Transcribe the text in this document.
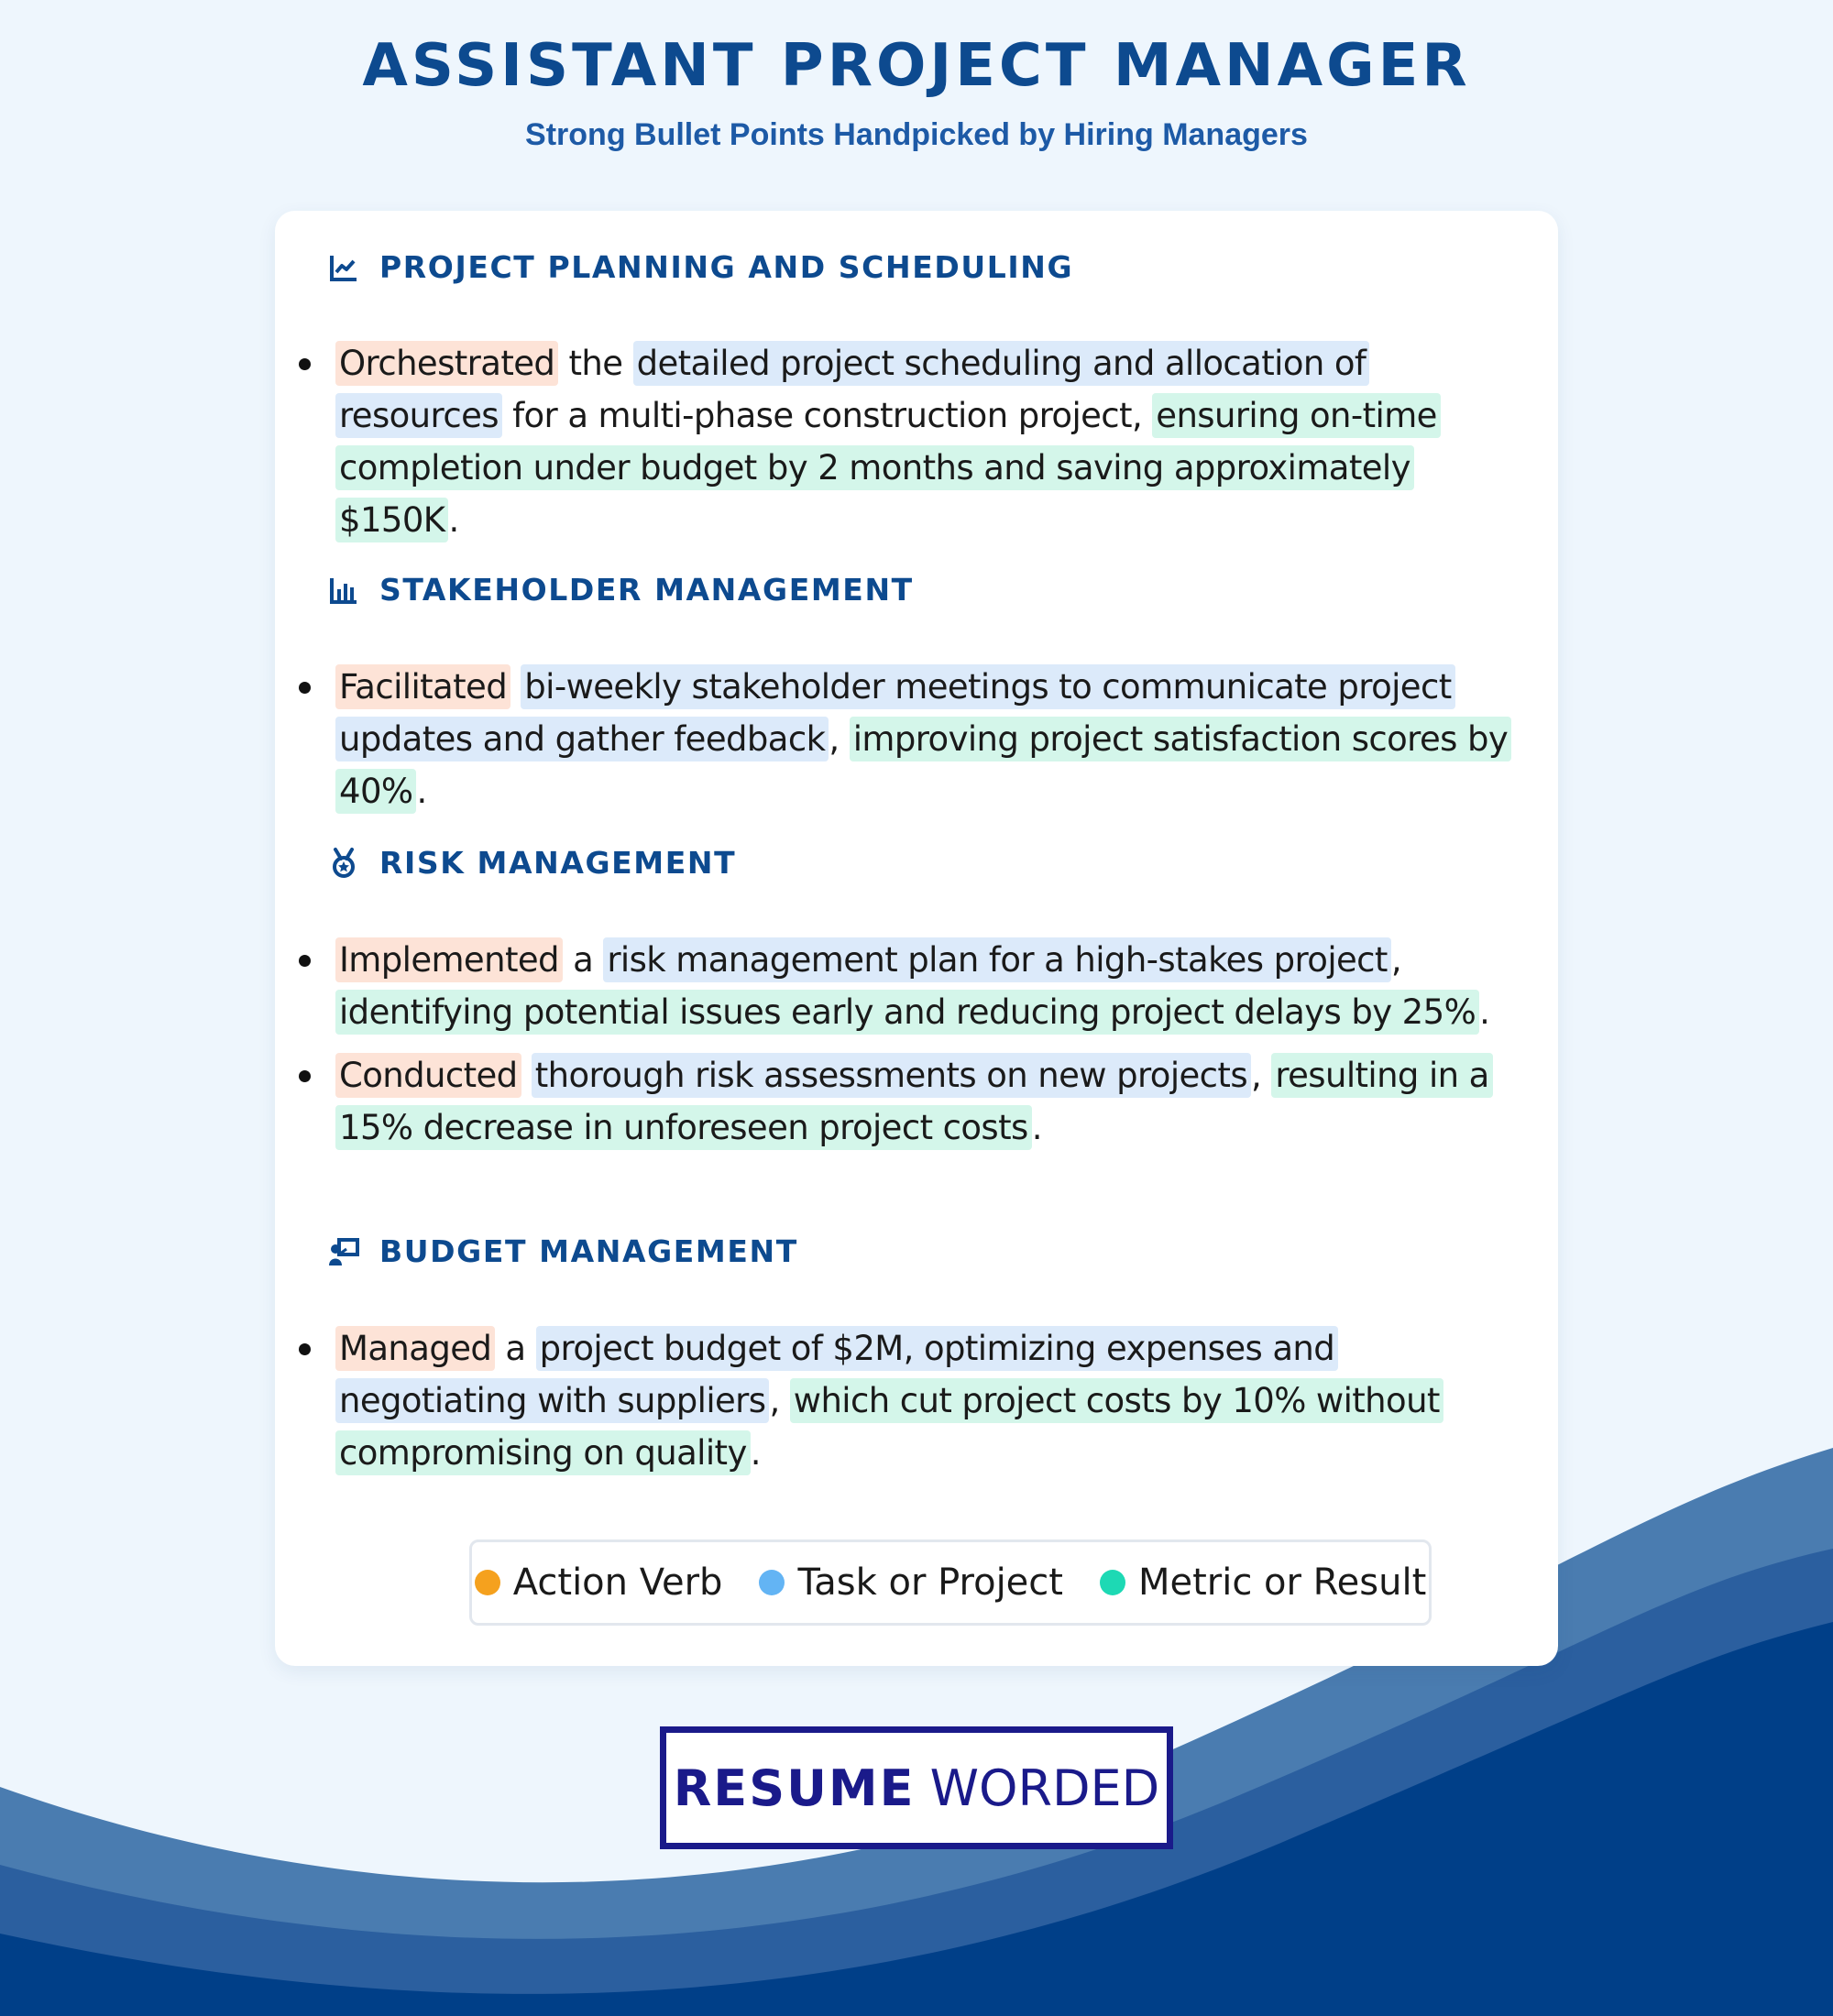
ASSISTANT PROJECT MANAGER
Strong Bullet Points Handpicked by Hiring Managers
PROJECT PLANNING AND SCHEDULING
Orchestrated the detailed project scheduling and allocation of resources for a multi-phase construction project, ensuring on-time completion under budget by 2 months and saving approximately $150K .
STAKEHOLDER MANAGEMENT
Facilitated bi-weekly stakeholder meetings to communicate project updates and gather feedback , improving project satisfaction scores by 40% .
RISK MANAGEMENT
Implemented a risk management plan for a high-stakes project , identifying potential issues early and reducing project delays by 25% .
Conducted thorough risk assessments on new projects , resulting in a 15% decrease in unforeseen project costs .
BUDGET MANAGEMENT
Managed a project budget of $2M, optimizing expenses and negotiating with suppliers , which cut project costs by 10% without compromising on quality .
Action Verb Task or Project Metric or Result
RESUME WORDED
